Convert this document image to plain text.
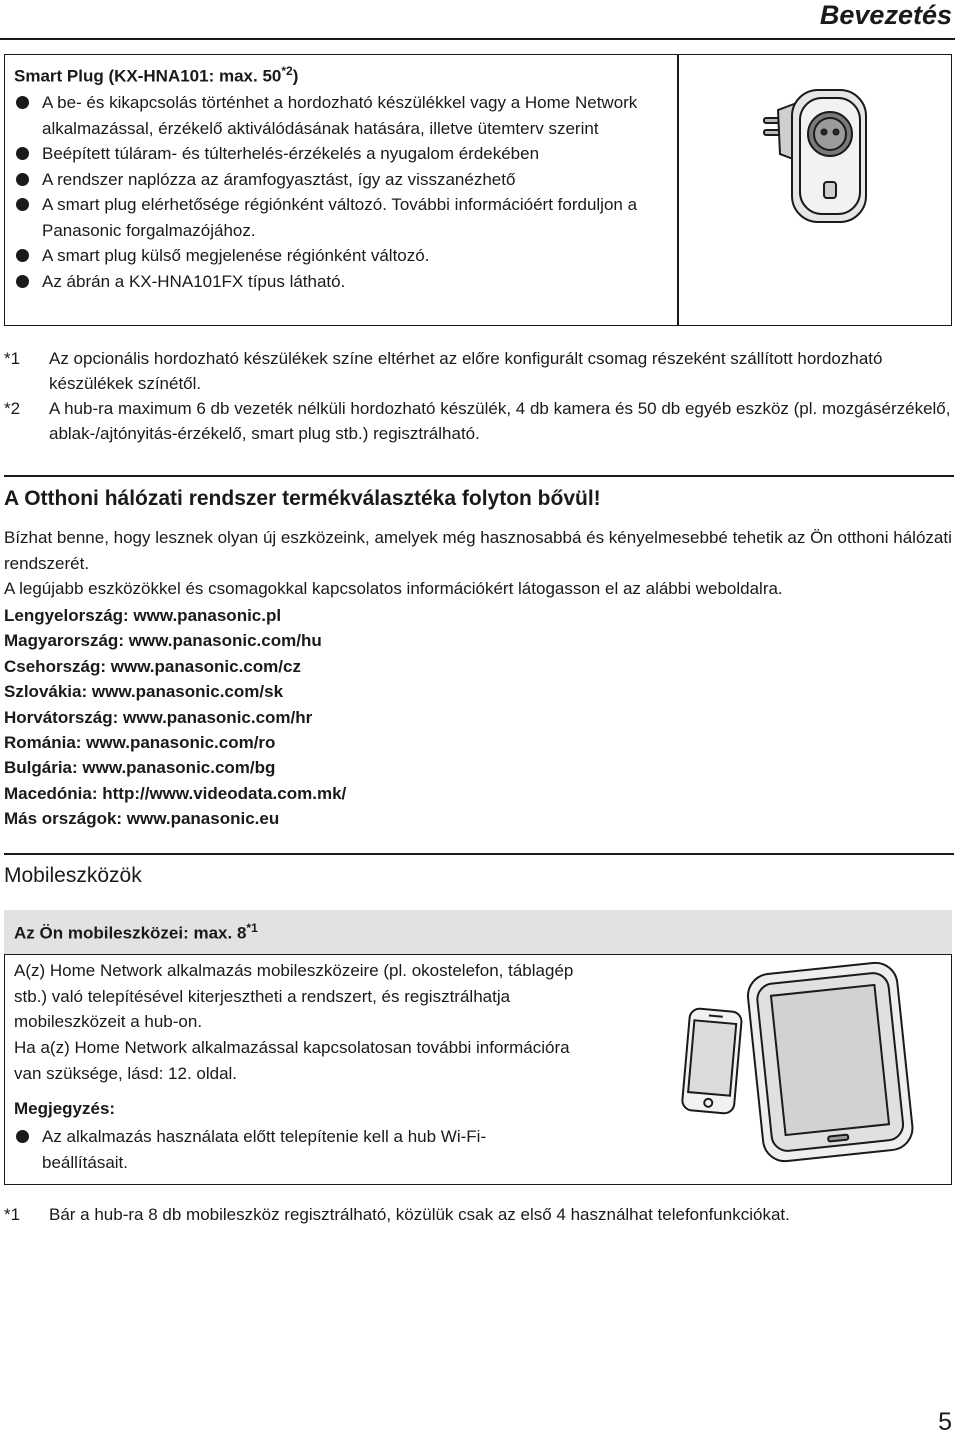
Bevezetés
Smart Plug (KX-HNA101: max. 50$^{*2}$)
A be- és kikapcsolás történhet a hordozható készülékkel vagy a Home Network alkalmazással, érzékelő aktiválódásának hatására, illetve ütemterv szerint
Beépített túláram- és túlterhelés-érzékelés a nyugalom érdekében
A rendszer naplózza az áramfogyasztást, így az visszanézhető
A smart plug elérhetősége régiónként változó. További információért forduljon a Panasonic forgalmazójához.
A smart plug külső megjelenése régiónként változó.
Az ábrán a KX-HNA101FX típus látható.
*1	Az opcionális hordozható készülékek színe eltérhet az előre konfigurált csomag részeként szállított hordozható készülékek színétől.
*2	A hub-ra maximum 6 db vezeték nélküli hordozható készülék, 4 db kamera és 50 db egyéb eszköz (pl. mozgásérzékelő, ablak-/ajtónyitás-érzékelő, smart plug stb.) regisztrálható.
A Otthoni hálózati rendszer termékválasztéka folyton bővül!
Bízhat benne, hogy lesznek olyan új eszközeink, amelyek még hasznosabbá és kényelmesebbé tehetik az Ön otthoni hálózati rendszerét.
A legújabb eszközökkel és csomagokkal kapcsolatos információkért látogasson el az alábbi weboldalra.
Lengyelország: www.panasonic.pl
Magyarország: www.panasonic.com/hu
Csehország: www.panasonic.com/cz
Szlovákia: www.panasonic.com/sk
Horvátország: www.panasonic.com/hr
Románia: www.panasonic.com/ro
Bulgária: www.panasonic.com/bg
Macedónia: http://www.videodata.com.mk/
Más országok: www.panasonic.eu
Mobileszközök
Az Ön mobileszközei: max. 8$^{*1}$
A(z) Home Network alkalmazás mobileszközeire (pl. okostelefon, táblagép stb.) való telepítésével kiterjesztheti a rendszert, és regisztrálhatja mobileszközeit a hub-on.
Ha a(z) Home Network alkalmazással kapcsolatosan további információra van szüksége, lásd: 12. oldal.
Megjegyzés:
Az alkalmazás használata előtt telepítenie kell a hub Wi-Fi-beállításait.
*1	Bár a hub-ra 8 db mobileszköz regisztrálható, közülük csak az első 4 használhat telefonfunkciókat.
5
